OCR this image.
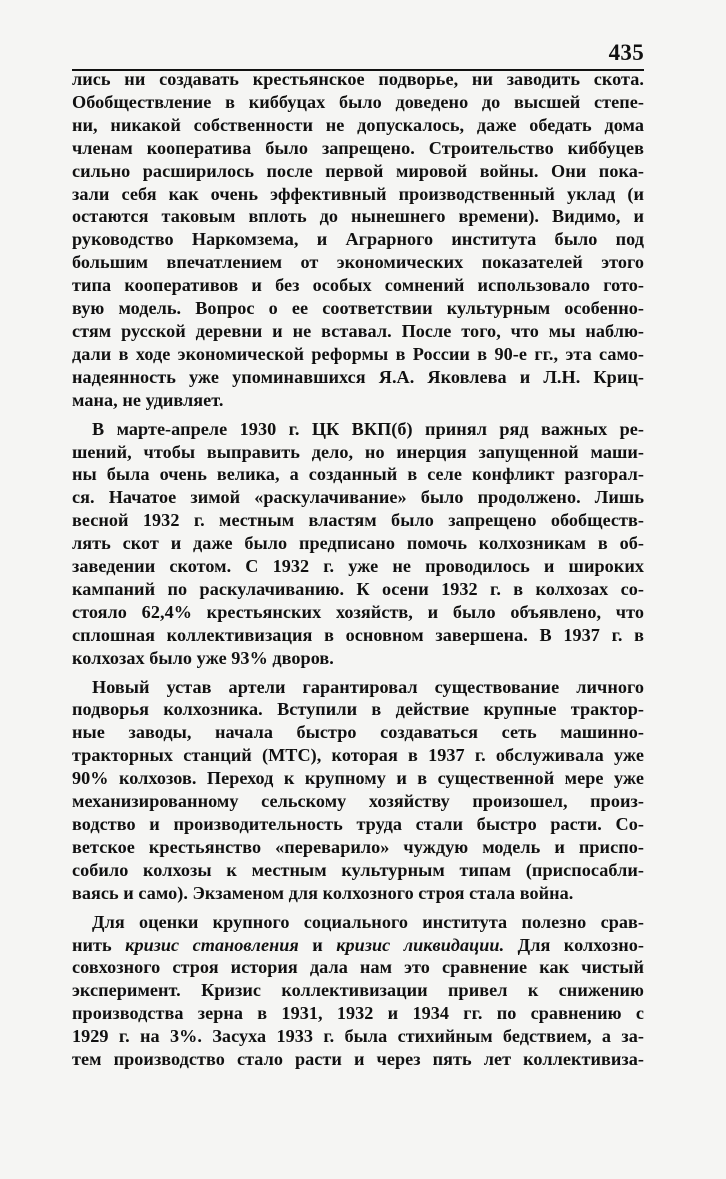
435
лись ни создавать крестьянское подворье, ни заводить скота.
Обобществление в киббуцах было доведено до высшей степе-
ни, никакой собственности не допускалось, даже обедать дома
членам кооператива было запрещено. Строительство киббуцев
сильно расширилось после первой мировой войны. Они пока-
зали себя как очень эффективный производственный уклад (и
остаются таковым вплоть до нынешнего времени). Видимо, и
руководство Наркомзема, и Аграрного института было под
большим впечатлением от экономических показателей этого
типа кооперативов и без особых сомнений использовало гото-
вую модель. Вопрос о ее соответствии культурным особенно-
стям русской деревни и не вставал. После того, что мы наблю-
дали в ходе экономической реформы в России в 90-е гг., эта само-
надеянность уже упоминавшихся Я.А. Яковлева и Л.Н. Криц-
мана, не удивляет.
В марте-апреле 1930 г. ЦК ВКП(б) принял ряд важных ре-
шений, чтобы выправить дело, но инерция запущенной маши-
ны была очень велика, а созданный в селе конфликт разгорал-
ся. Начатое зимой «раскулачивание» было продолжено. Лишь
весной 1932 г. местным властям было запрещено обобществ-
лять скот и даже было предписано помочь колхозникам в об-
заведении скотом. С 1932 г. уже не проводилось и широких
кампаний по раскулачиванию. К осени 1932 г. в колхозах со-
стояло 62,4% крестьянских хозяйств, и было объявлено, что
сплошная коллективизация в основном завершена. В 1937 г. в
колхозах было уже 93% дворов.
Новый устав артели гарантировал существование личного
подворья колхозника. Вступили в действие крупные трактор-
ные заводы, начала быстро создаваться сеть машинно-
тракторных станций (МТС), которая в 1937 г. обслуживала уже
90% колхозов. Переход к крупному и в существенной мере уже
механизированному сельскому хозяйству произошел, произ-
водство и производительность труда стали быстро расти. Со-
ветское крестьянство «переварило» чуждую модель и приспо-
собило колхозы к местным культурным типам (приспосабли-
ваясь и само). Экзаменом для колхозного строя стала война.
Для оценки крупного социального института полезно срав-
нить кризис становления и кризис ликвидации. Для колхозно-
совхозного строя история дала нам это сравнение как чистый
эксперимент. Кризис коллективизации привел к снижению
производства зерна в 1931, 1932 и 1934 гг. по сравнению с
1929 г. на 3%. Засуха 1933 г. была стихийным бедствием, а за-
тем производство стало расти и через пять лет коллективиза-
